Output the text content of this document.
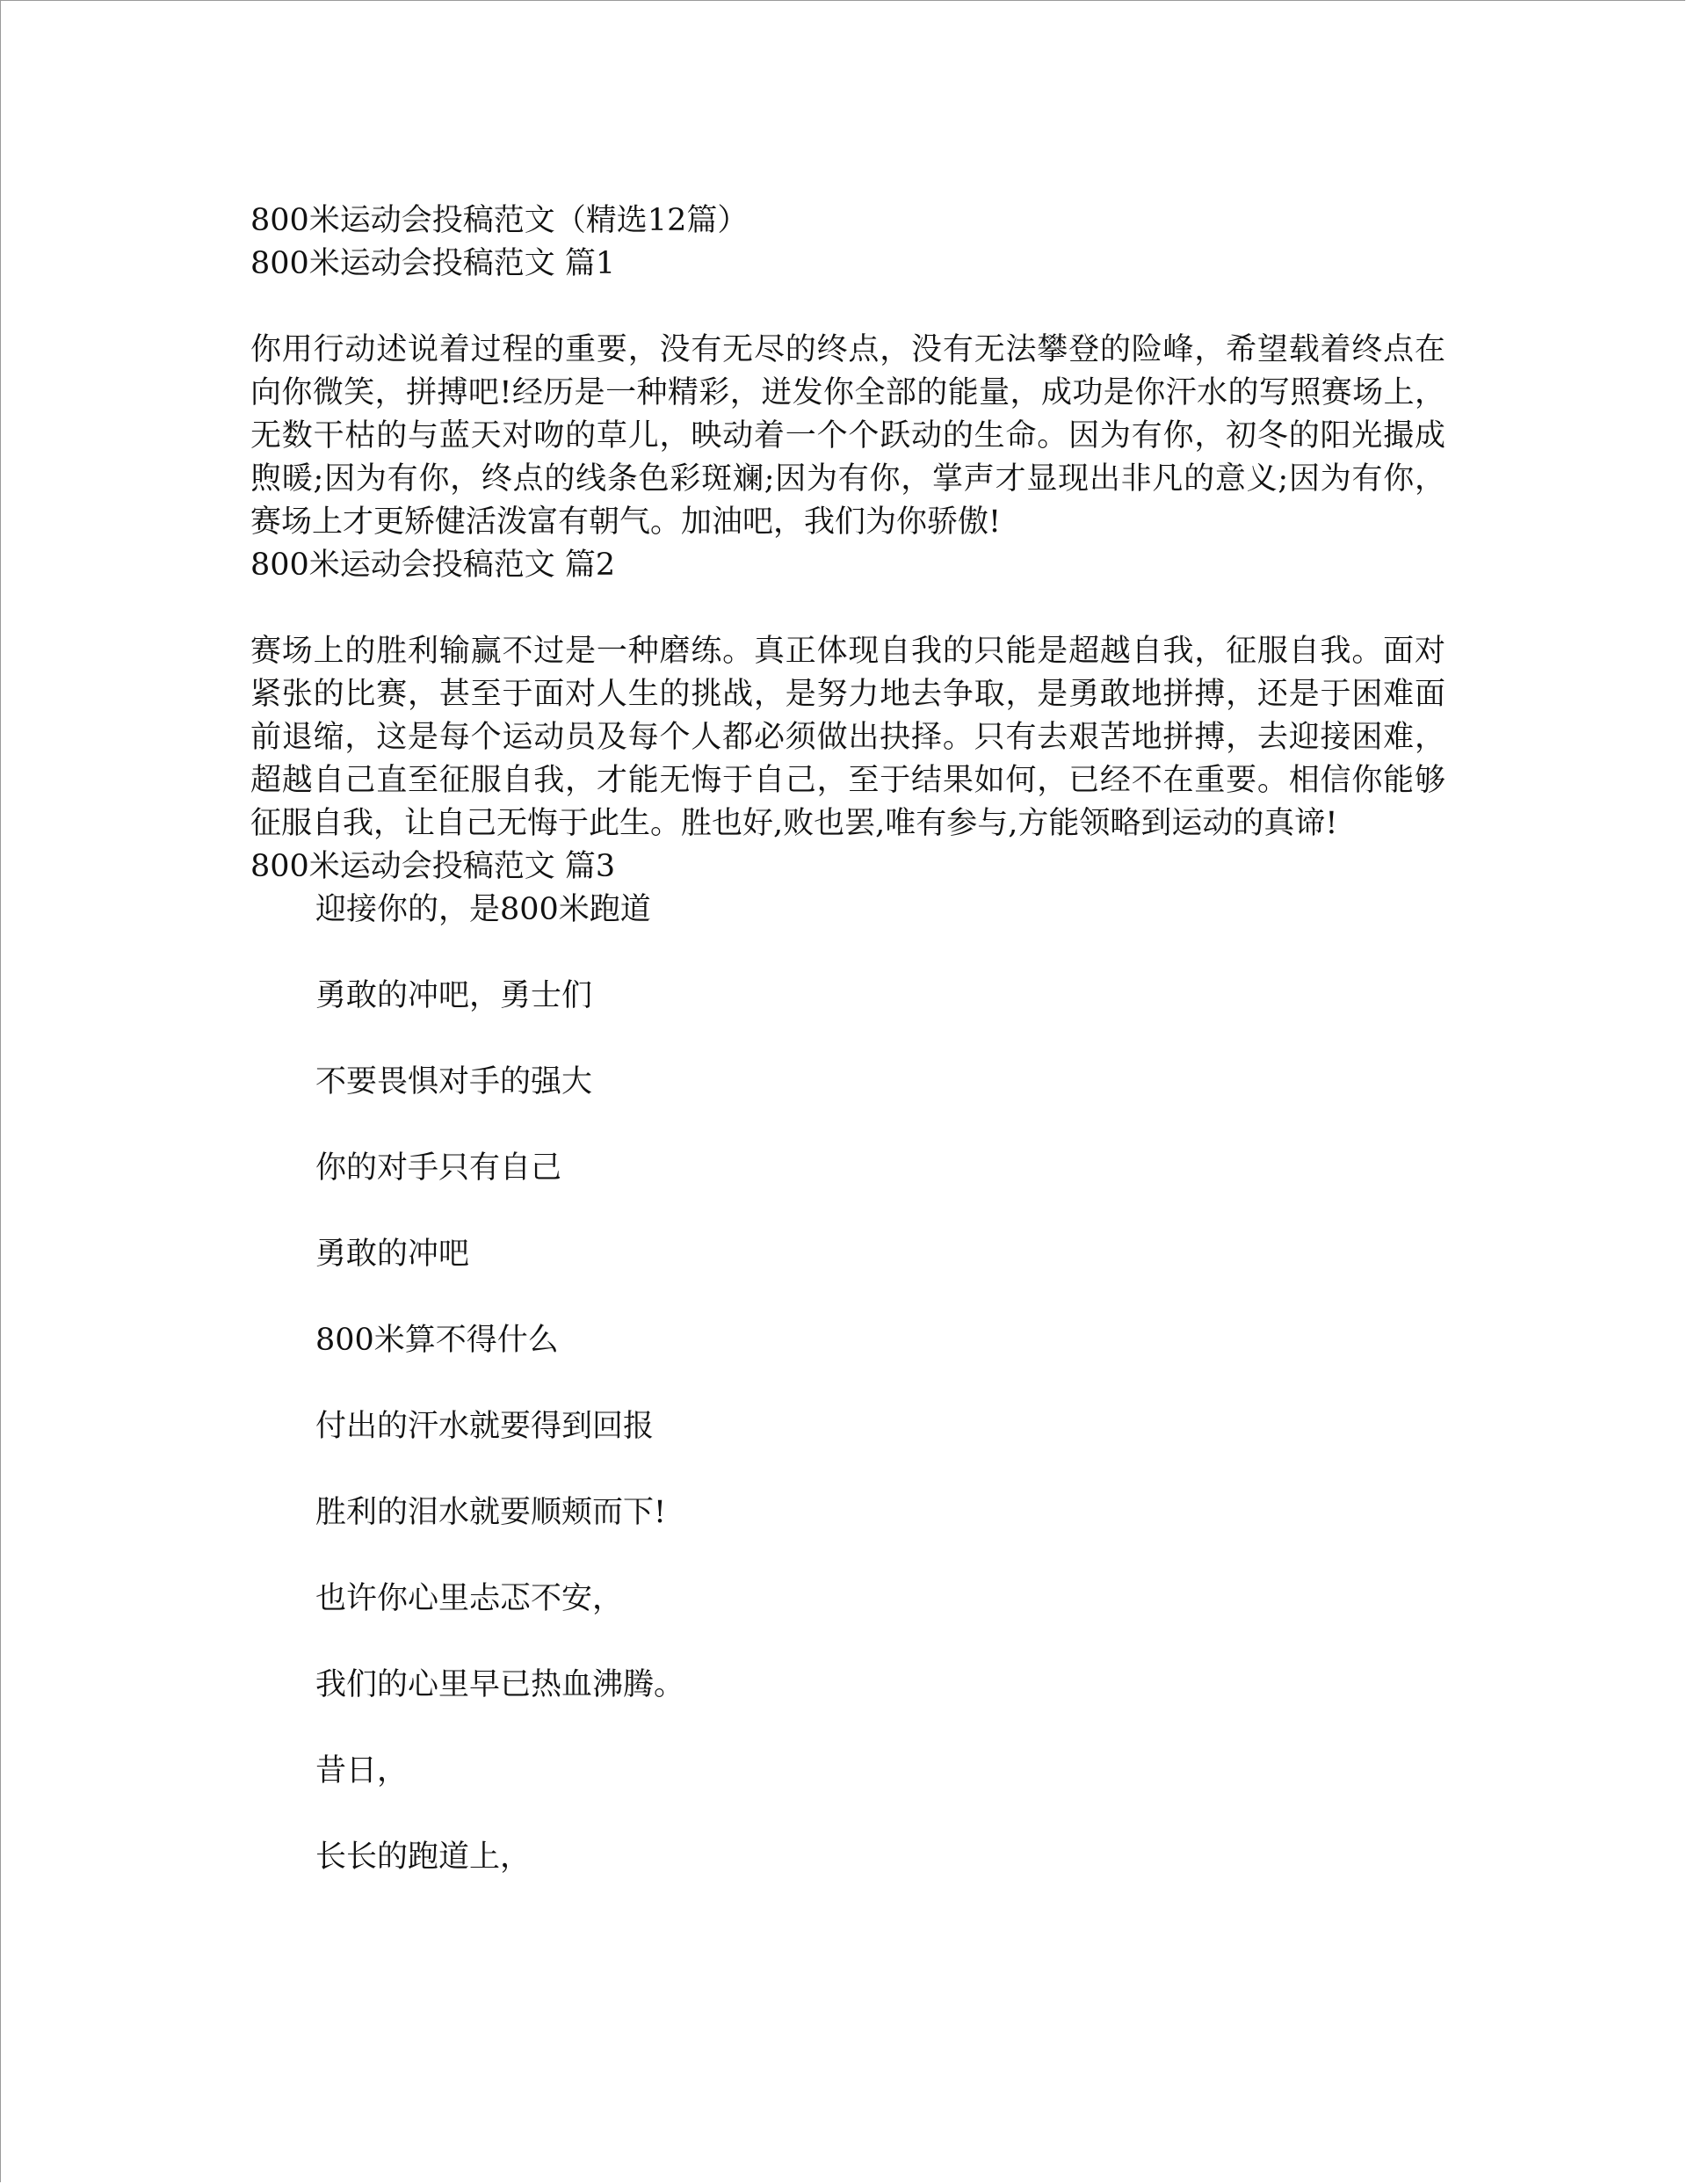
800米运动会投稿范文（精选12篇）

800米运动会投稿范文 篇1

你用行动述说着过程的重要，没有无尽的终点，没有无法攀登的险峰，希望载着终点在向你微笑，拼搏吧!经历是一种精彩，迸发你全部的能量，成功是你汗水的写照赛场上，无数干枯的与蓝天对吻的草儿，映动着一个个跃动的生命。因为有你，初冬的阳光撮成煦暖;因为有你，终点的线条色彩斑斓;因为有你，掌声才显现出非凡的意义;因为有你，赛场上才更矫健活泼富有朝气。加油吧，我们为你骄傲!

800米运动会投稿范文 篇2

赛场上的胜利输赢不过是一种磨练。真正体现自我的只能是超越自我，征服自我。面对紧张的比赛，甚至于面对人生的挑战，是努力地去争取，是勇敢地拼搏，还是于困难面前退缩，这是每个运动员及每个人都必须做出抉择。只有去艰苦地拼搏，去迎接困难，超越自己直至征服自我，才能无悔于自己，至于结果如何，已经不在重要。相信你能够征服自我，让自己无悔于此生。胜也好,败也罢,唯有参与,方能领略到运动的真谛!

800米运动会投稿范文 篇3

迎接你的，是800米跑道

勇敢的冲吧，勇士们

不要畏惧对手的强大

你的对手只有自己

勇敢的冲吧

800米算不得什么

付出的汗水就要得到回报

胜利的泪水就要顺颊而下!

也许你心里忐忑不安，

我们的心里早已热血沸腾。

昔日，

长长的跑道上，
